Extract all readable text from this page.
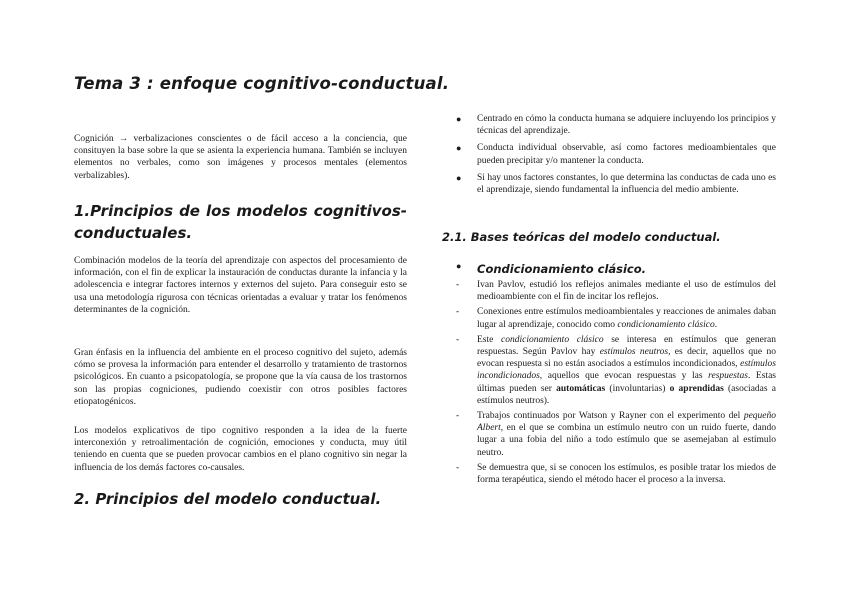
Tema 3 : enfoque cognitivo-conductual.

Cognición → verbalizaciones conscientes o de fácil acceso a la conciencia, que consituyen la base sobre la que se asienta la experiencia humana. También se incluyen elementos no verbales, como son imágenes y procesos mentales (elementos verbalizables).

1.Principios de los modelos cognitivos-conductuales.

Combinación modelos de la teoría del aprendizaje con aspectos del procesamiento de información, con el fin de explicar la instauración de conductas durante la infancia y la adolescencia e integrar factores internos y externos del sujeto. Para conseguir esto se usa una metodología rigurosa con técnicas orientadas a evaluar y tratar los fenómenos determinantes de la cognición.

Gran énfasis en la influencia del ambiente en el proceso cognitivo del sujeto, además cómo se provesa la información para entender el desarrollo y tratamiento de trastornos psicológicos. En cuanto a psicopatología, se propone que la vía causa de los trastornos son las propias cogniciones, pudiendo coexistir con otros posibles factores etiopatogénicos.

Los modelos explicativos de tipo cognitivo responden a la idea de la fuerte interconexión y retroalimentación de cognición, emociones y conducta, muy útil teniendo en cuenta que se pueden provocar cambios en el plano cognitivo sin negar la influencia de los demás factores co-causales.

2. Principios del modelo conductual.
● Centrado en cómo la conducta humana se adquiere incluyendo los principios y técnicas del aprendizaje.
● Conducta individual observable, así como factores medioambientales que pueden precipitar y/o mantener la conducta.
● Si hay unos factores constantes, lo que determina las conductas de cada uno es el aprendizaje, siendo fundamental la influencia del medio ambiente.
2.1. Bases teóricas del modelo conductual.
● Condicionamiento clásico.
- Ivan Pavlov, estudió los reflejos animales mediante el uso de estímulos del medioambiente con el fin de incitar los reflejos.
- Conexiones entre estímulos medioambientales y reacciones de animales daban lugar al aprendizaje, conocido como condicionamiento clásico.
- Este condicionamiento clásico se interesa en estímulos que generan respuestas. Según Pavlov hay estímulos neutros, es decir, aquellos que no evocan respuesta si no están asociados a estímulos incondicionados, estímulos incondicionados, aquellos que evocan respuestas y las respuestas. Estas últimas pueden ser automáticas (involuntarias) o aprendidas (asociadas a estímulos neutros).
- Trabajos continuados por Watson y Rayner con el experimento del pequeño Albert, en el que se combina un estímulo neutro con un ruido fuerte, dando lugar a una fobia del niño a todo estímulo que se asemejaban al estímulo neutro.
- Se demuestra que, si se conocen los estímulos, es posible tratar los miedos de forma terapéutica, siendo el método hacer el proceso a la inversa.
